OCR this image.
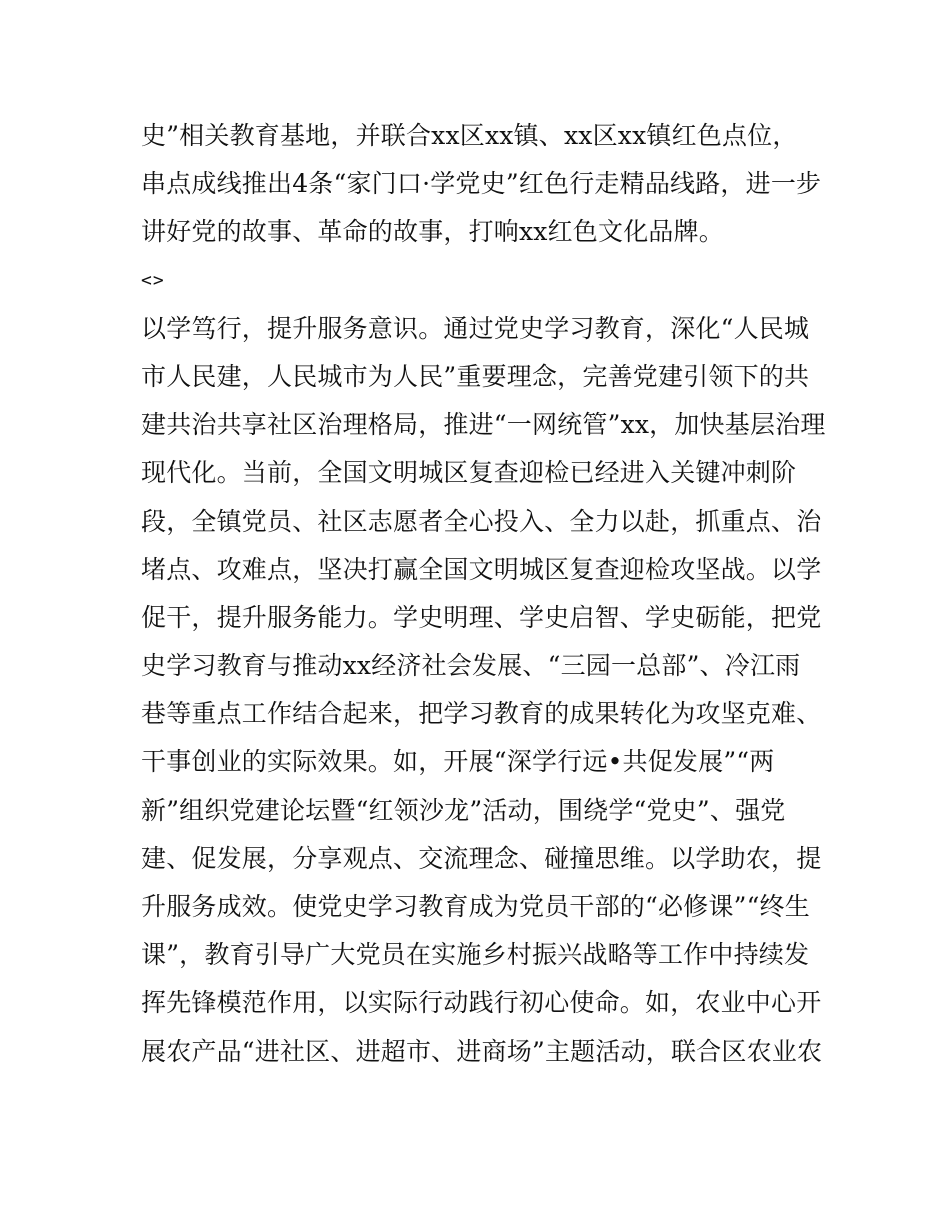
史”相关教育基地，并联合xx区xx镇、xx区xx镇红色点位，
串点成线推出4条“家门口·学党史”红色行走精品线路，进一步
讲好党的故事、革命的故事，打响xx红色文化品牌。
<>
以学笃行，提升服务意识。通过党史学习教育，深化“人民城
市人民建，人民城市为人民”重要理念，完善党建引领下的共
建共治共享社区治理格局，推进“一网统管”xx，加快基层治理
现代化。当前，全国文明城区复查迎检已经进入关键冲刺阶
段，全镇党员、社区志愿者全心投入、全力以赴，抓重点、治
堵点、攻难点，坚决打赢全国文明城区复查迎检攻坚战。以学
促干，提升服务能力。学史明理、学史启智、学史砺能，把党
史学习教育与推动xx经济社会发展、“三园一总部”、冷江雨
巷等重点工作结合起来，把学习教育的成果转化为攻坚克难、
干事创业的实际效果。如，开展“深学行远•共促发展”“两
新”组织党建论坛暨“红领沙龙”活动，围绕学“党史”、强党
建、促发展，分享观点、交流理念、碰撞思维。以学助农，提
升服务成效。使党史学习教育成为党员干部的“必修课”“终生
课”，教育引导广大党员在实施乡村振兴战略等工作中持续发
挥先锋模范作用，以实际行动践行初心使命。如，农业中心开
展农产品“进社区、进超市、进商场”主题活动，联合区农业农
